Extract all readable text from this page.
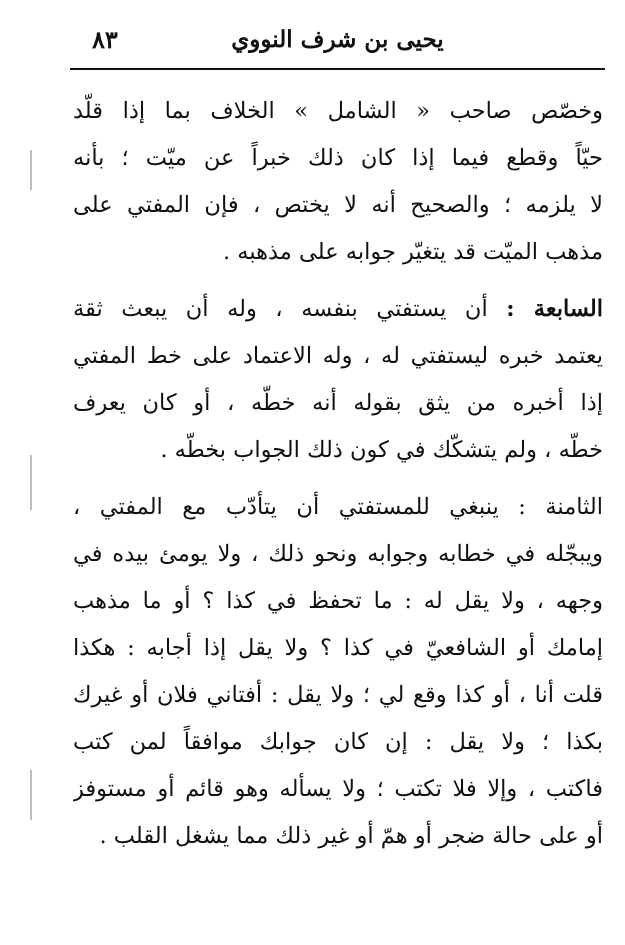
٨٣	يحيى بن شرف النووي
وخصّص صاحب « الشامل » الخلاف بما إذا قلّد
حيّاً وقطع فيما إذا كان ذلك خبراً عن ميّت ؛ بأنه
لا يلزمه ؛ والصحيح أنه لا يختص ، فإن المفتي على
مذهب الميّت قد يتغيّر جوابه على مذهبه .
السابعة : أن يستفتي بنفسه ، وله أن يبعث ثقة
يعتمد خبره ليستفتي له ، وله الاعتماد على خط المفتي
إذا أخبره من يثق بقوله أنه خطّه ، أو كان يعرف
خطّه ، ولم يتشكّك في كون ذلك الجواب بخطّه .
الثامنة : ينبغي للمستفتي أن يتأدّب مع المفتي ،
ويبجّله في خطابه وجوابه ونحو ذلك ، ولا يومئ بيده في
وجهه ، ولا يقل له : ما تحفظ في كذا ؟ أو ما مذهب
إمامك أو الشافعيّ في كذا ؟ ولا يقل إذا أجابه : هكذا
قلت أنا ، أو كذا وقع لي ؛ ولا يقل : أفتاني فلان أو غيرك
بكذا ؛ ولا يقل : إن كان جوابك موافقاً لمن كتب
فاكتب ، وإلا فلا تكتب ؛ ولا يسأله وهو قائم أو مستوفز
أو على حالة ضجر أو همّ أو غير ذلك مما يشغل القلب .
